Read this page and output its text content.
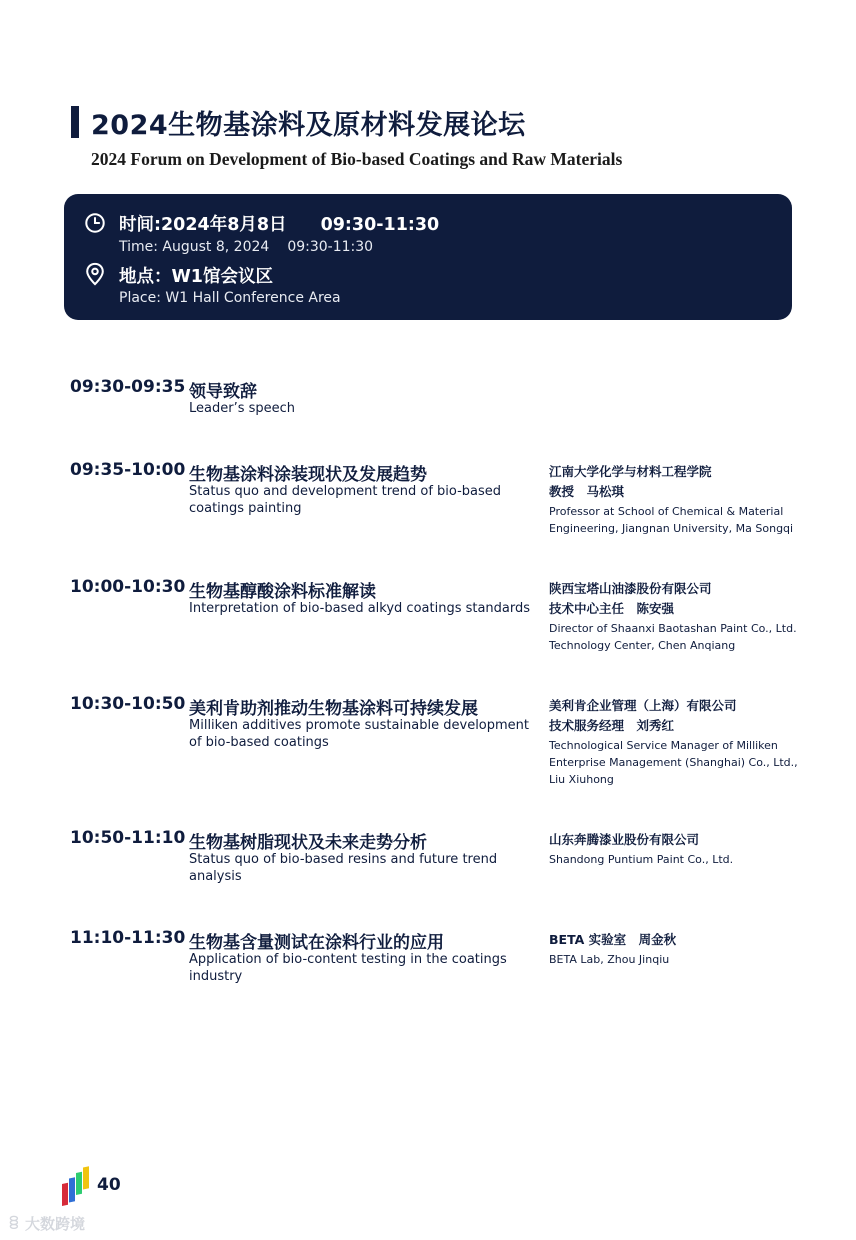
2024生物基涂料及原材料发展论坛
2024 Forum on Development of Bio-based Coatings and Raw Materials
时间:2024年8月8日 09:30-11:30
Time: August 8, 2024 09:30-11:30
地点：W1馆会议区
Place: W1 Hall Conference Area
09:30-09:35 领导致辞
Leader’s speech
09:35-10:00 生物基涂料涂装现状及发展趋势
Status quo and development trend of bio-based coatings painting
江南大学化学与材料工程学院
教授　马松琪
Professor at School of Chemical & Material Engineering, Jiangnan University, Ma Songqi
10:00-10:30 生物基醇酸涂料标准解读
Interpretation of bio-based alkyd coatings standards
陕西宝塔山油漆股份有限公司
技术中心主任　陈安强
Director of Shaanxi Baotashan Paint Co., Ltd. Technology Center, Chen Anqiang
10:30-10:50 美利肯助剂推动生物基涂料可持续发展
Milliken additives promote sustainable development of bio-based coatings
美利肯企业管理（上海）有限公司
技术服务经理　刘秀红
Technological Service Manager of Milliken Enterprise Management (Shanghai) Co., Ltd., Liu Xiuhong
10:50-11:10 生物基树脂现状及未来走势分析
Status quo of bio-based resins and future trend analysis
山东奔腾漆业股份有限公司
Shandong Puntium Paint Co., Ltd.
11:10-11:30 生物基含量测试在涂料行业的应用
Application of bio-content testing in the coatings industry
BETA 实验室　周金秋
BETA Lab, Zhou Jinqiu
40
ꊞ 大数跨境
